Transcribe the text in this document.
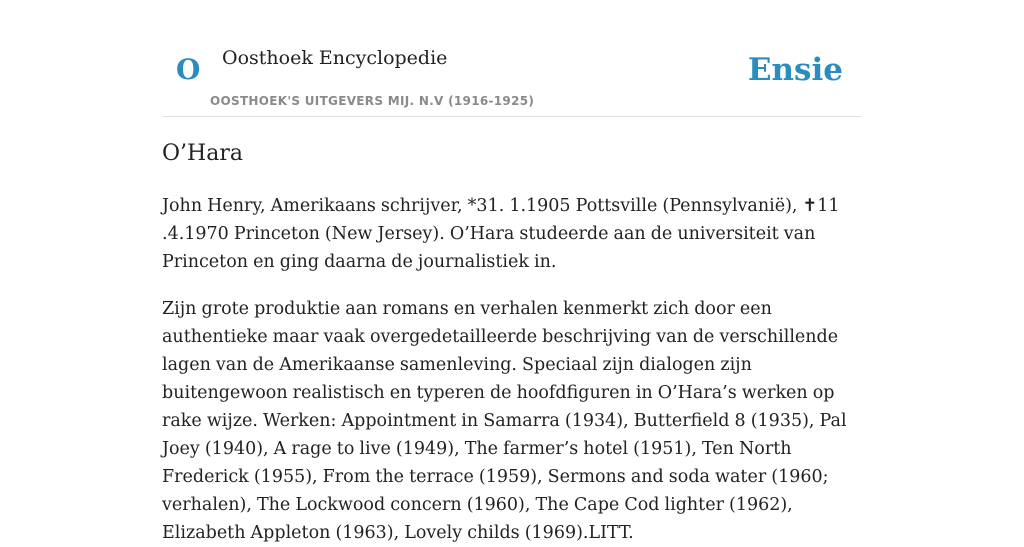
O Oosthoek Encyclopedie
OOSTHOEK'S UITGEVERS MIJ. N.V (1916-1925)
Ensie
O’Hara

John Henry, Amerikaans schrijver, *31. 1.1905 Pottsville (Pennsylvanië), ✝11 .4.1970 Princeton (New Jersey). O’Hara studeerde aan de universiteit van Princeton en ging daarna de journalistiek in.

Zijn grote produktie aan romans en verhalen kenmerkt zich door een authentieke maar vaak overgedetailleerde beschrijving van de verschillende lagen van de Amerikaanse samenleving. Speciaal zijn dialogen zijn buitengewoon realistisch en typeren de hoofdfiguren in O’Hara’s werken op rake wijze. Werken: Appointment in Samarra (1934), Butterfield 8 (1935), Pal Joey (1940), A rage to live (1949), The farmer’s hotel (1951), Ten North Frederick (1955), From the terrace (1959), Sermons and soda water (1960; verhalen), The Lockwood concern (1960), The Cape Cod lighter (1962), Elizabeth Appleton (1963), Lovely childs (1969).LITT.
